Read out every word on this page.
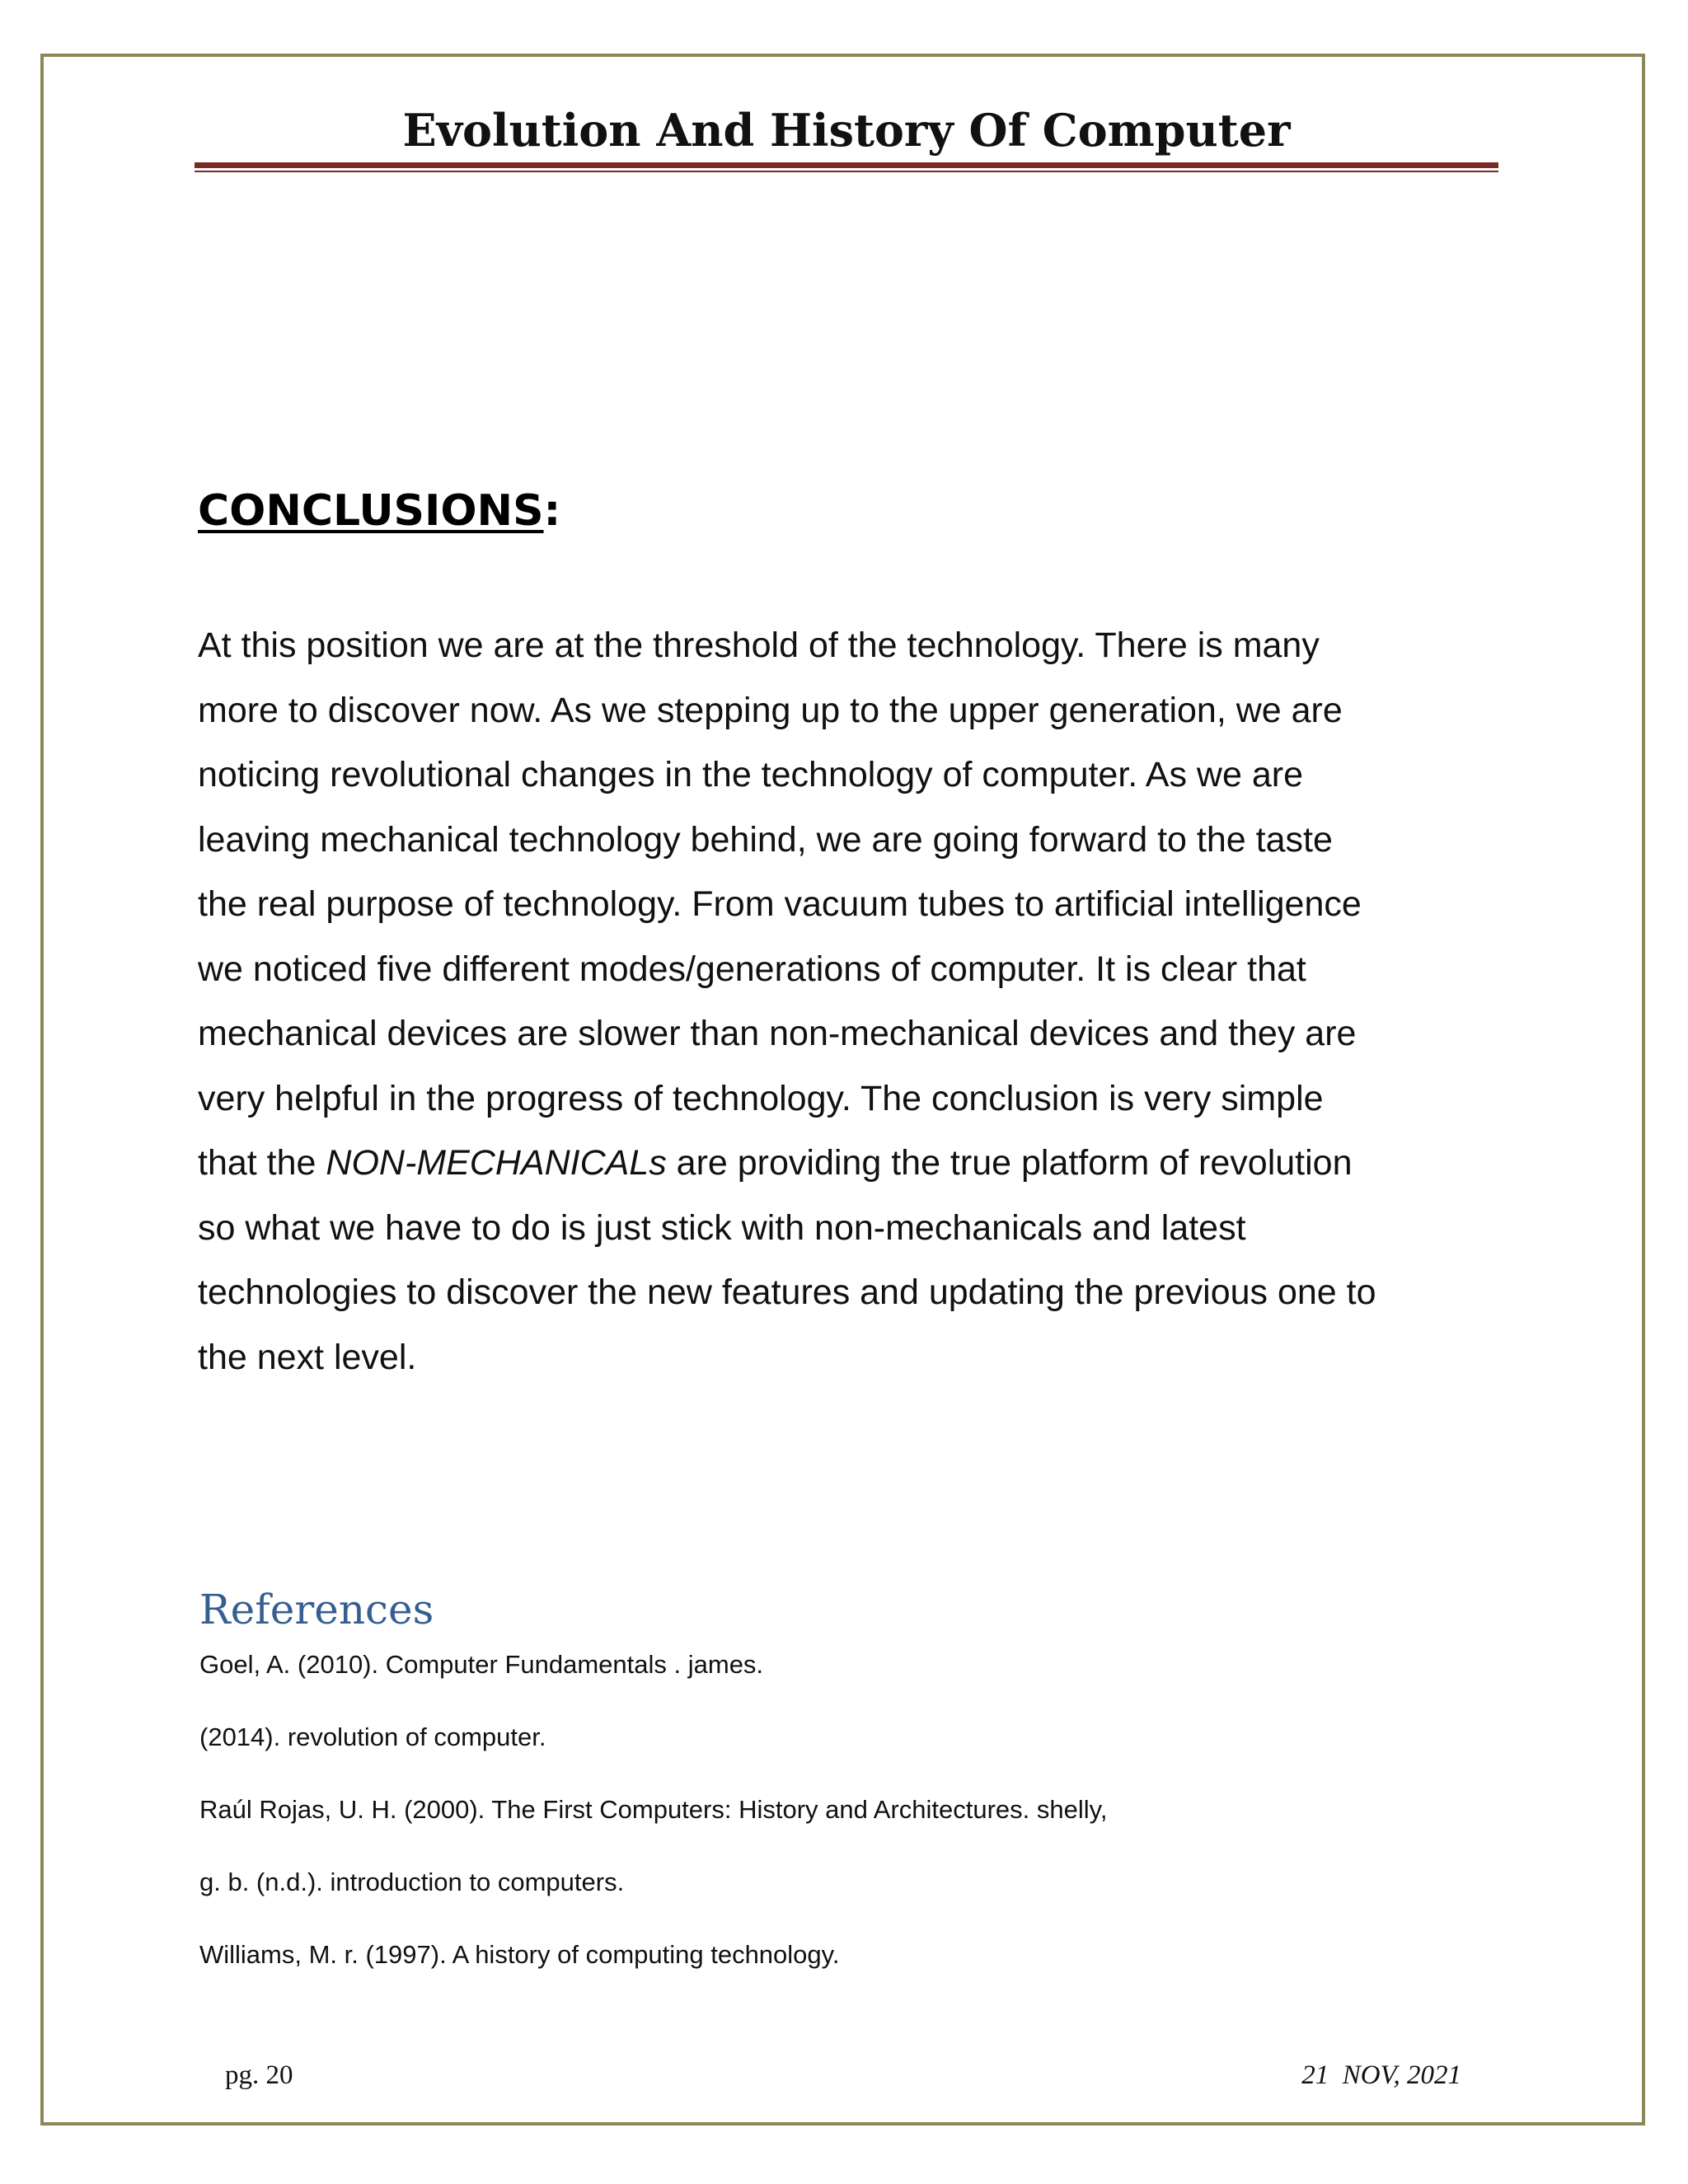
Evolution And History Of Computer
CONCLUSIONS:
At this position we are at the threshold of the technology. There is many
more to discover now. As we stepping up to the upper generation, we are
noticing revolutional changes in the technology of computer. As we are
leaving mechanical technology behind, we are going forward to the taste
the real purpose of technology. From vacuum tubes to artificial intelligence
we noticed five different modes/generations of computer. It is clear that
mechanical devices are slower than non-mechanical devices and they are
very helpful in the progress of technology. The conclusion is very simple
that the NON-MECHANICALs are providing the true platform of revolution
so what we have to do is just stick with non-mechanicals and latest
technologies to discover the new features and updating the previous one to
the next level.
References
Goel, A. (2010). Computer Fundamentals . james.
(2014). revolution of computer.
Raúl Rojas, U. H. (2000). The First Computers: History and Architectures. shelly,
g. b. (n.d.). introduction to computers.
Williams, M. r. (1997). A history of computing technology.
pg. 20	21  NOV, 2021
